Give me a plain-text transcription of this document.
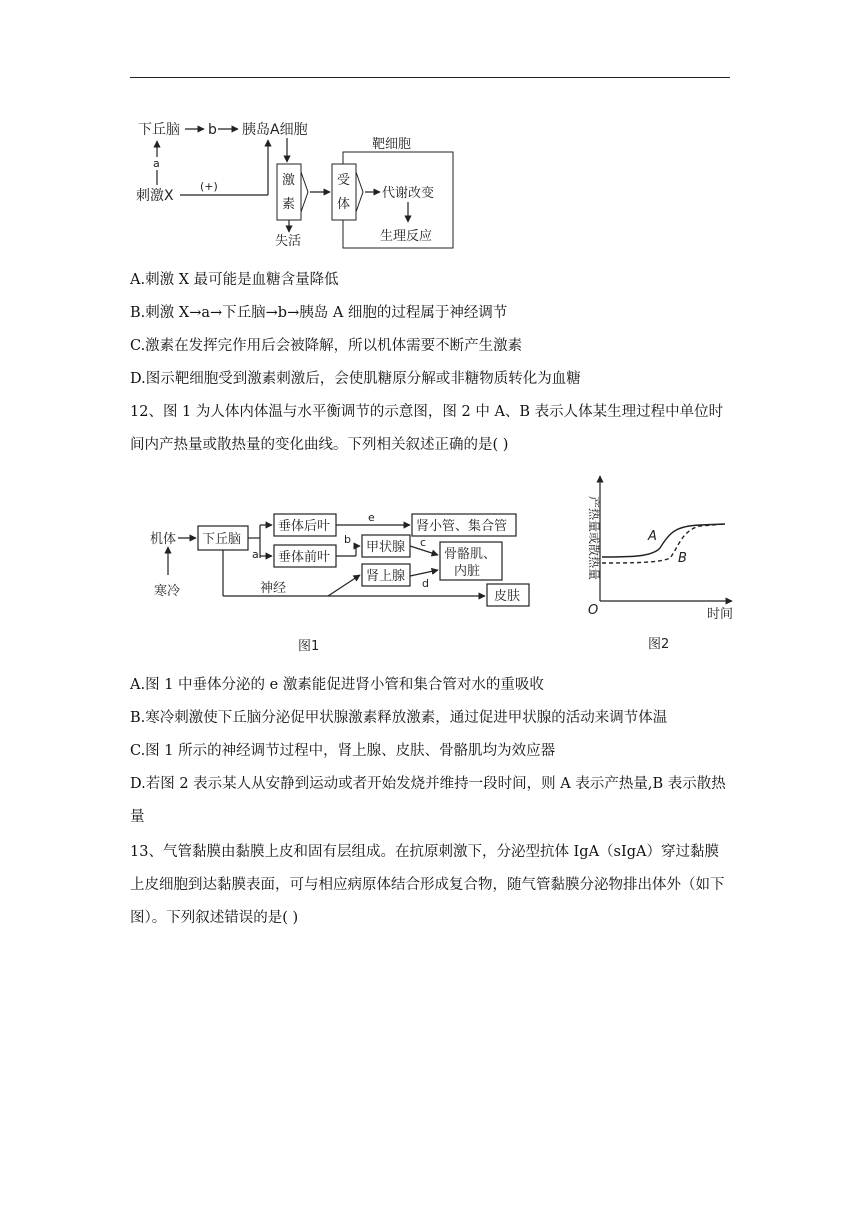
下丘脑 b 胰岛A细胞
靶细胞
a
刺激X
(+)	激
素
失活
受
体
代谢改变
生理反应
A.刺激 X 最可能是血糖含量降低
B.刺激 X→a→下丘脑→b→胰岛 A 细胞的过程属于神经调节
C.激素在发挥完作用后会被降解，所以机体需要不断产生激素
D.图示靶细胞受到激素刺激后，会使肌糖原分解或非糖物质转化为血糖
12、图 1 为人体内体温与水平衡调节的示意图，图 2 中 A、B 表示人体某生理过程中单位时间内产热量或散热量的变化曲线。下列相关叙述正确的是( )
机体
寒冷
下丘脑
a
垂体后叶
垂体前叶
e
肾小管、集合管
b
甲状腺 c
骨骼肌、
内脏
肾上腺 d
神经
皮肤
图1
O	时间
产热量或散热量	A
B
图2
A.图 1 中垂体分泌的 e 激素能促进肾小管和集合管对水的重吸收
B.寒冷刺激使下丘脑分泌促甲状腺激素释放激素，通过促进甲状腺的活动来调节体温
C.图 1 所示的神经调节过程中，肾上腺、皮肤、骨骼肌均为效应器
D.若图 2 表示某人从安静到运动或者开始发烧并维持一段时间，则 A 表示产热量,B 表示散热量
13、气管黏膜由黏膜上皮和固有层组成。在抗原刺激下，分泌型抗体 IgA（sIgA）穿过黏膜上皮细胞到达黏膜表面，可与相应病原体结合形成复合物，随气管黏膜分泌物排出体外（如下图）。下列叙述错误的是( )
